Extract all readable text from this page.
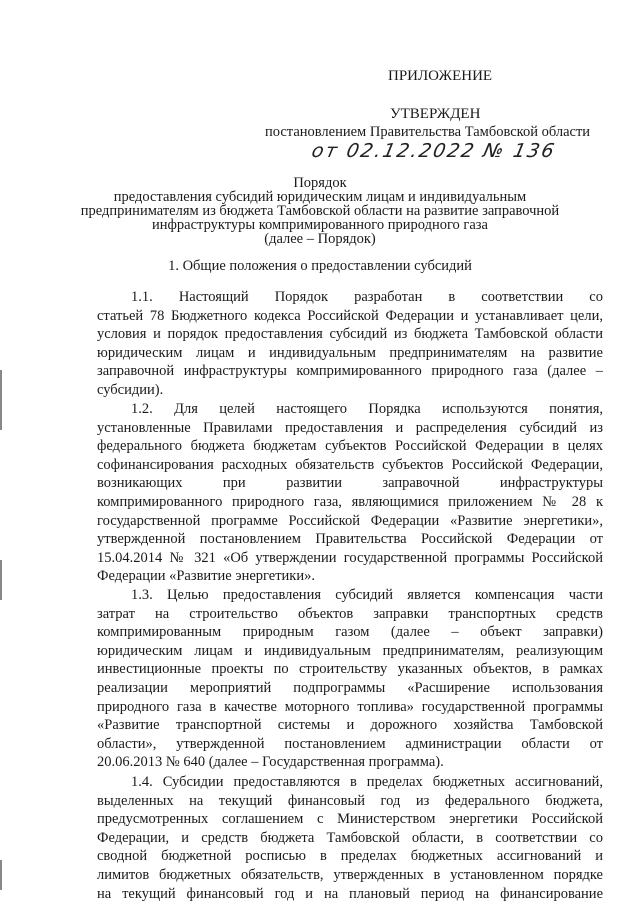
ПРИЛОЖЕНИЕ
УТВЕРЖДЕН
постановлением Правительства Тамбовской области
от 02.12.2022 № 136
Порядок
предоставления субсидий юридическим лицам и индивидуальным
предпринимателям из бюджета Тамбовской области на развитие заправочной
инфраструктуры компримированного природного газа
(далее – Порядок)
1. Общие положения о предоставлении субсидий
1.1. Настоящий Порядок разработан в соответствии со
статьей 78 Бюджетного кодекса Российской Федерации и устанавливает цели,
условия и порядок предоставления субсидий из бюджета Тамбовской области
юридическим лицам и индивидуальным предпринимателям на развитие
заправочной инфраструктуры компримированного природного газа (далее –
субсидии).
1.2. Для целей настоящего Порядка используются понятия,
установленные Правилами предоставления и распределения субсидий из
федерального бюджета бюджетам субъектов Российской Федерации в целях
софинансирования расходных обязательств субъектов Российской Федерации,
возникающих при развитии заправочной инфраструктуры
компримированного природного газа, являющимися приложением № 28 к
государственной программе Российской Федерации «Развитие энергетики»,
утвержденной постановлением Правительства Российской Федерации от
15.04.2014 № 321 «Об утверждении государственной программы Российской
Федерации «Развитие энергетики».
1.3. Целью предоставления субсидий является компенсация части
затрат на строительство объектов заправки транспортных средств
компримированным природным газом (далее – объект заправки)
юридическим лицам и индивидуальным предпринимателям, реализующим
инвестиционные проекты по строительству указанных объектов, в рамках
реализации мероприятий подпрограммы «Расширение использования
природного газа в качестве моторного топлива» государственной программы
«Развитие транспортной системы и дорожного хозяйства Тамбовской
области», утвержденной постановлением администрации области от
20.06.2013 № 640 (далее – Государственная программа).
1.4. Субсидии предоставляются в пределах бюджетных ассигнований,
выделенных на текущий финансовый год из федерального бюджета,
предусмотренных соглашением с Министерством энергетики Российской
Федерации, и средств бюджета Тамбовской области, в соответствии со
сводной бюджетной росписью в пределах бюджетных ассигнований и
лимитов бюджетных обязательств, утвержденных в установленном порядке
на текущий финансовый год и на плановый период на финансирование
